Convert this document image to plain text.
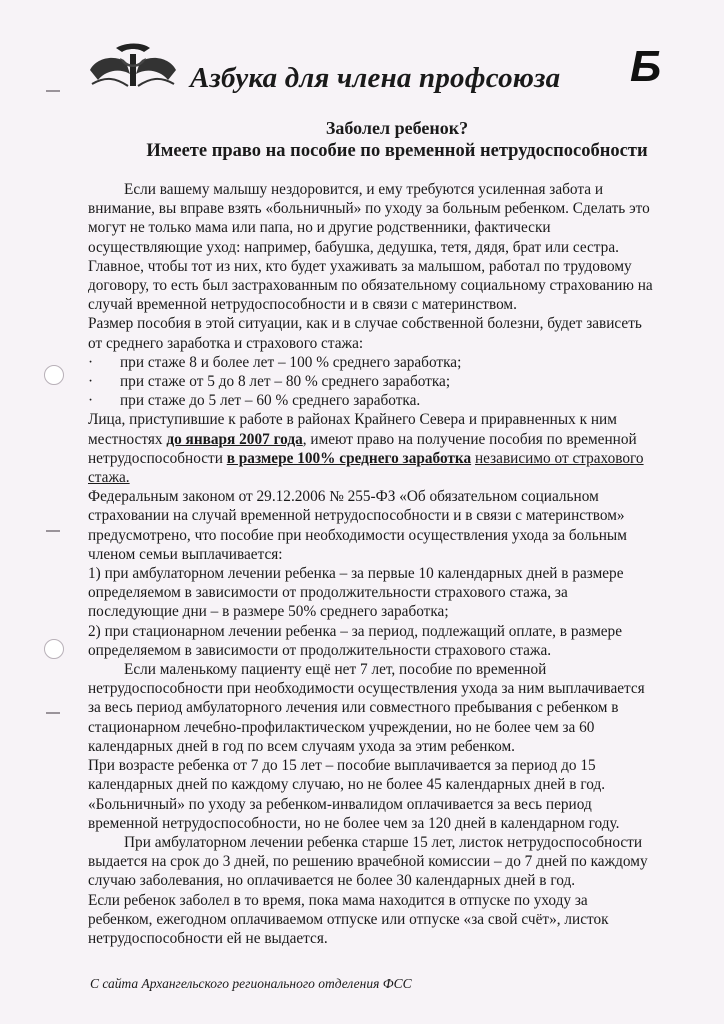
Азбука для члена профсоюза Б
Заболел ребенок?
Имеете право на пособие по временной нетрудоспособности

Если вашему малышу нездоровится, и ему требуются усиленная забота и

внимание, вы вправе взять «больничный» по уходу за больным ребенком. Сделать это

могут не только мама или папа, но и другие родственники, фактически

осуществляющие уход: например, бабушка, дедушка, тетя, дядя, брат или сестра.

Главное, чтобы тот из них, кто будет ухаживать за малышом, работал по трудовому

договору, то есть был застрахованным по обязательному социальному страхованию на

случай временной нетрудоспособности и в связи с материнством.

Размер пособия в этой ситуации, как и в случае собственной болезни, будет зависеть

от среднего заработка и страхового стажа:

· при стаже 8 и более лет – 100 % среднего заработка;

· при стаже от 5 до 8 лет – 80 % среднего заработка;

· при стаже до 5 лет – 60 % среднего заработка.

Лица, приступившие к работе в районах Крайнего Севера и приравненных к ним

местностях до января 2007 года, имеют право на получение пособия по временной

нетрудоспособности в размере 100% среднего заработка независимо от страхового

стажа.

Федеральным законом от 29.12.2006 № 255-ФЗ «Об обязательном социальном

страховании на случай временной нетрудоспособности и в связи с материнством»

предусмотрено, что пособие при необходимости осуществления ухода за больным

членом семьи выплачивается:

1) при амбулаторном лечении ребенка – за первые 10 календарных дней в размере

определяемом в зависимости от продолжительности страхового стажа, за

последующие дни – в размере 50% среднего заработка;

2) при стационарном лечении ребенка – за период, подлежащий оплате, в размере

определяемом в зависимости от продолжительности страхового стажа.

Если маленькому пациенту ещё нет 7 лет, пособие по временной

нетрудоспособности при необходимости осуществления ухода за ним выплачивается

за весь период амбулаторного лечения или совместного пребывания с ребенком в

стационарном лечебно-профилактическом учреждении, но не более чем за 60

календарных дней в год по всем случаям ухода за этим ребенком.

При возрасте ребенка от 7 до 15 лет – пособие выплачивается за период до 15

календарных дней по каждому случаю, но не более 45 календарных дней в год.

«Больничный» по уходу за ребенком-инвалидом оплачивается за весь период

временной нетрудоспособности, но не более чем за 120 дней в календарном году.

При амбулаторном лечении ребенка старше 15 лет, листок нетрудоспособности

выдается на срок до 3 дней, по решению врачебной комиссии – до 7 дней по каждому

случаю заболевания, но оплачивается не более 30 календарных дней в год.

Если ребенок заболел в то время, пока мама находится в отпуске по уходу за

ребенком, ежегодном оплачиваемом отпуске или отпуске «за свой счёт», листок

нетрудоспособности ей не выдается.

С сайта Архангельского регионального отделения ФСС
